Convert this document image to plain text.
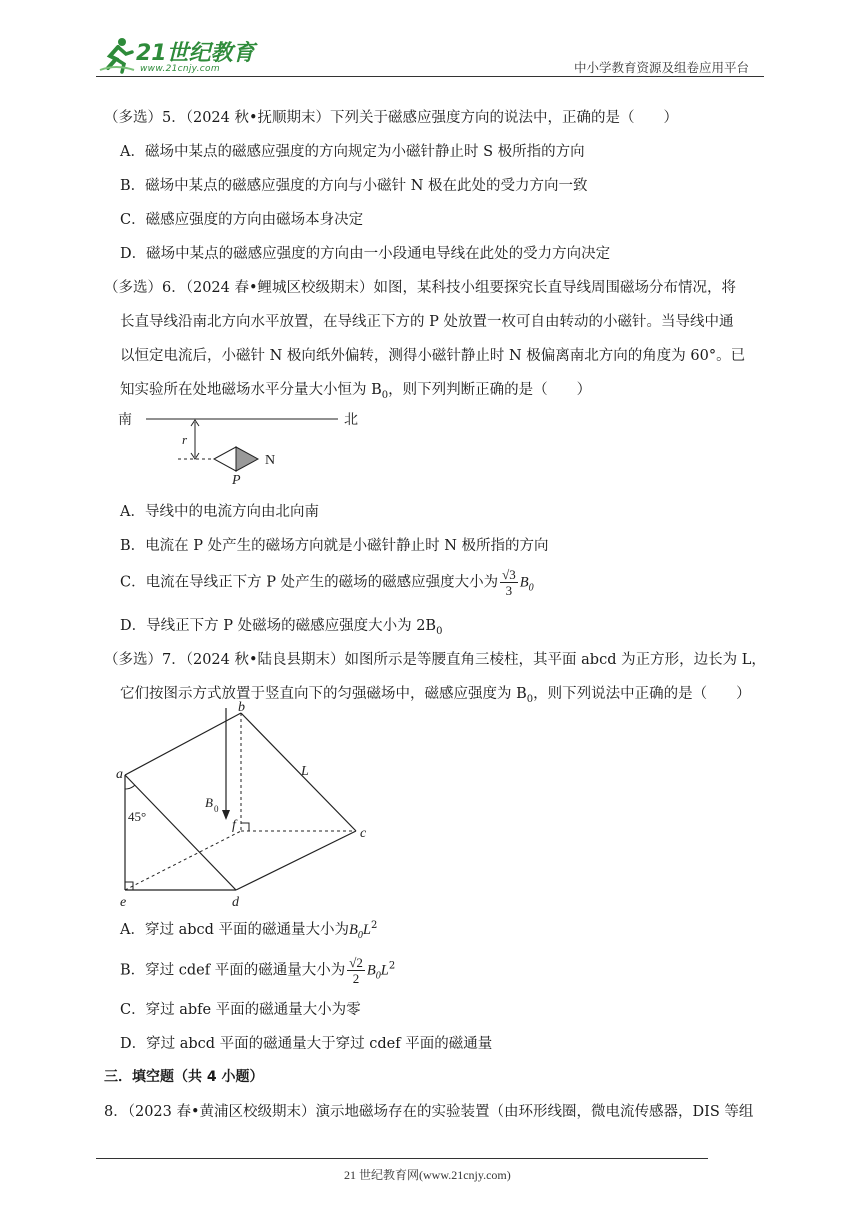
21世纪教育
www.21cnjy.com	中小学教育资源及组卷应用平台
（多选）5．（2024 秋•抚顺期末）下列关于磁感应强度方向的说法中，正确的是（　　）
A．磁场中某点的磁感应强度的方向规定为小磁针静止时 S 极所指的方向
B．磁场中某点的磁感应强度的方向与小磁针 N 极在此处的受力方向一致
C．磁感应强度的方向由磁场本身决定
D．磁场中某点的磁感应强度的方向由一小段通电导线在此处的受力方向决定
（多选）6．（2024 春•鲤城区校级期末）如图，某科技小组要探究长直导线周围磁场分布情况，将
长直导线沿南北方向水平放置，在导线正下方的 P 处放置一枚可自由转动的小磁针。当导线中通
以恒定电流后，小磁针 N 极向纸外偏转，测得小磁针静止时 N 极偏离南北方向的角度为 60°。已
知实验所在处地磁场水平分量大小恒为 $B_0$，则下列判断正确的是（　　）
南	北
r
N
P
A．导线中的电流方向由北向南
B．电流在 P 处产生的磁场方向就是小磁针静止时 N 极所指的方向
C．电流在导线正下方 P 处产生的磁场的磁感应强度大小为 $\frac{√3}{3} B_0$
D．导线正下方 P 处磁场的磁感应强度大小为 $2B_0$
（多选）7．（2024 秋•陆良县期末）如图所示是等腰直角三棱柱，其平面 abcd 为正方形，边长为 L，
它们按图示方式放置于竖直向下的匀强磁场中，磁感应强度为 $B_0$，则下列说法中正确的是（　　）
a
b
c
d
e
f
L
B 0
45°
A．穿过 abcd 平面的磁通量大小为$B_0L^2$
B．穿过 cdef 平面的磁通量大小为 $\frac{√2}{2} B_0L^2$
C．穿过 abfe 平面的磁通量大小为零
D．穿过 abcd 平面的磁通量大于穿过 cdef 平面的磁通量
三．填空题（共 4 小题）
8．（2023 春•黄浦区校级期末）演示地磁场存在的实验装置（由环形线圈，微电流传感器，DIS 等组
21 世纪教育网(www.21cnjy.com)
